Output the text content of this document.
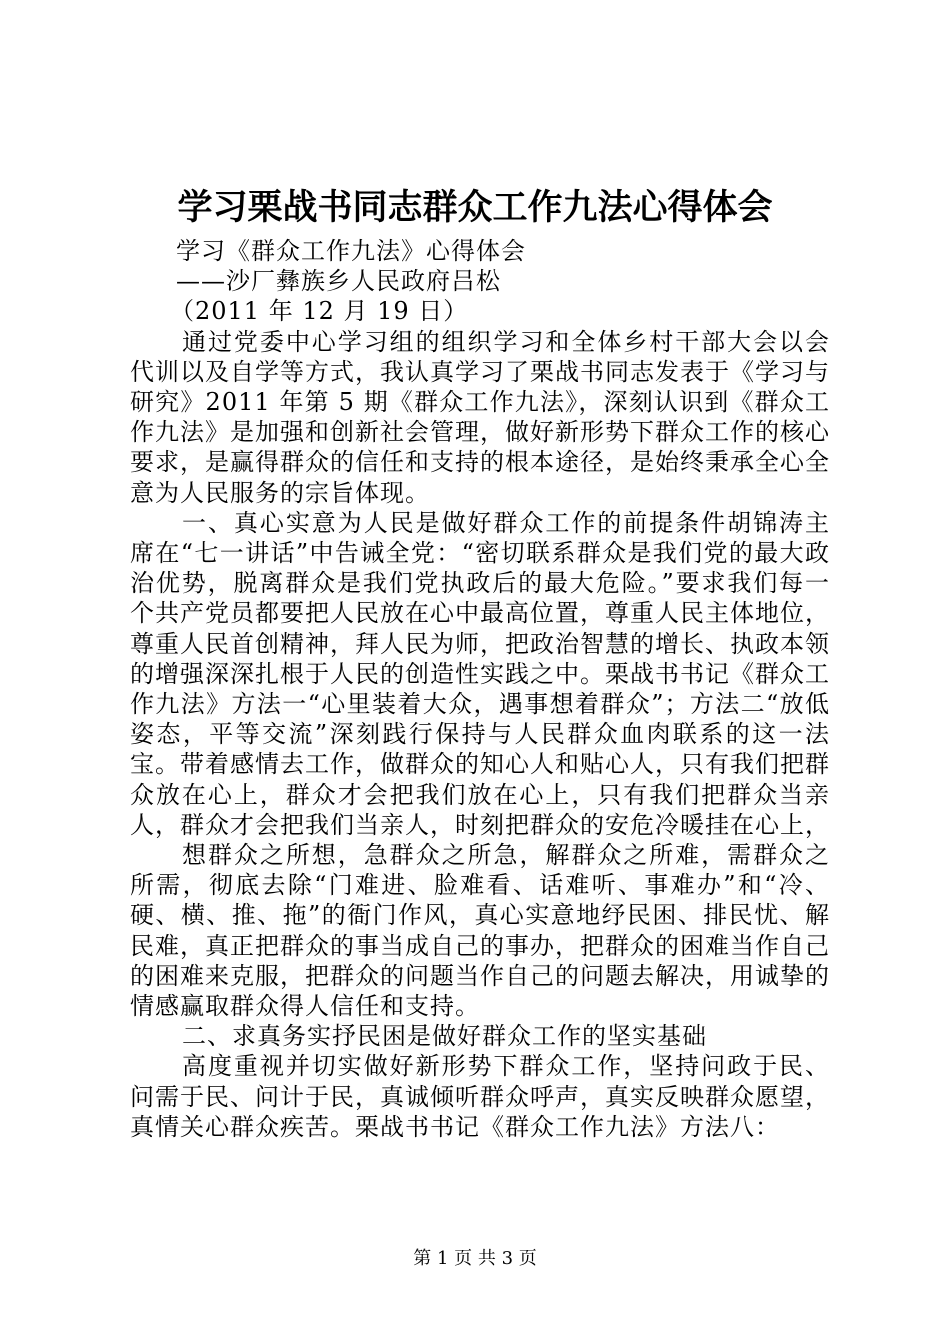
学习栗战书同志群众工作九法心得体会

学习《群众工作九法》心得体会

——沙厂彝族乡人民政府吕松

（2011 年 12 月 19 日）

通过党委中心学习组的组织学习和全体乡村干部大会以会代训以及自学等方式，我认真学习了栗战书同志发表于《学习与研究》2011 年第 5 期《群众工作九法》，深刻认识到《群众工作九法》是加强和创新社会管理，做好新形势下群众工作的核心要求，是赢得群众的信任和支持的根本途径，是始终秉承全心全意为人民服务的宗旨体现。

一、真心实意为人民是做好群众工作的前提条件胡锦涛主席在“七一讲话”中告诫全党：“密切联系群众是我们党的最大政治优势，脱离群众是我们党执政后的最大危险。”要求我们每一个共产党员都要把人民放在心中最高位置，尊重人民主体地位，尊重人民首创精神，拜人民为师，把政治智慧的增长、执政本领的增强深深扎根于人民的创造性实践之中。栗战书书记《群众工作九法》方法一“心里装着大众，遇事想着群众”；方法二“放低姿态，平等交流”深刻践行保持与人民群众血肉联系的这一法宝。带着感情去工作，做群众的知心人和贴心人，只有我们把群众放在心上，群众才会把我们放在心上，只有我们把群众当亲人，群众才会把我们当亲人，时刻把群众的安危冷暖挂在心上，

想群众之所想，急群众之所急，解群众之所难，需群众之所需，彻底去除“门难进、脸难看、话难听、事难办”和“冷、硬、横、推、拖”的衙门作风，真心实意地纾民困、排民忧、解民难，真正把群众的事当成自己的事办，把群众的困难当作自己的困难来克服，把群众的问题当作自己的问题去解决，用诚挚的情感赢取群众得人信任和支持。

二、求真务实抒民困是做好群众工作的坚实基础

高度重视并切实做好新形势下群众工作，坚持问政于民、问需于民、问计于民，真诚倾听群众呼声，真实反映群众愿望，真情关心群众疾苦。栗战书书记《群众工作九法》方法八：

第 1 页 共 3 页
